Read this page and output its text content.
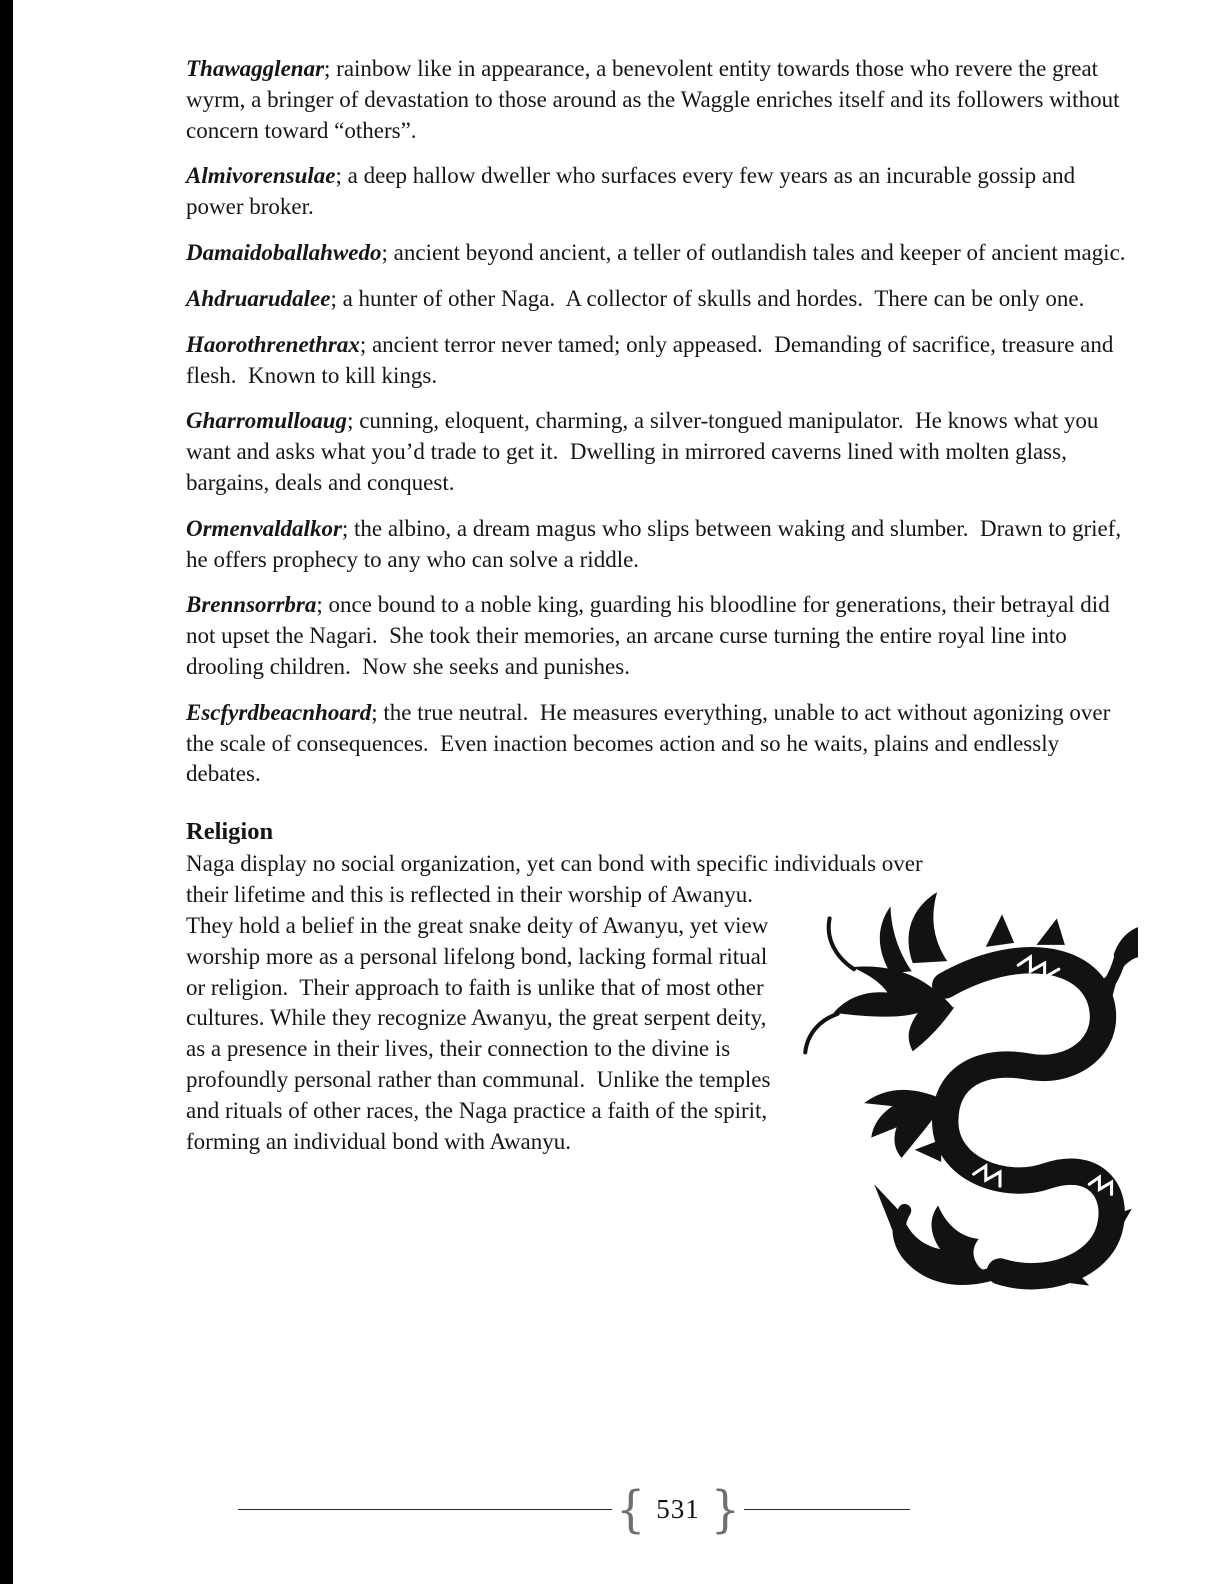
Thawagglenar; rainbow like in appearance, a benevolent entity towards those who revere the great wyrm, a bringer of devastation to those around as the Waggle enriches itself and its followers without concern toward “others”.

Almivorensulae; a deep hallow dweller who surfaces every few years as an incurable gossip and power broker.

Damaidoballahwedo; ancient beyond ancient, a teller of outlandish tales and keeper of ancient magic.

Ahdruarudalee; a hunter of other Naga.  A collector of skulls and hordes.  There can be only one.

Haorothrenethrax; ancient terror never tamed; only appeased.  Demanding of sacrifice, treasure and flesh.  Known to kill kings.

Gharromulloaug; cunning, eloquent, charming, a silver-tongued manipulator.  He knows what you want and asks what you’d trade to get it.  Dwelling in mirrored caverns lined with molten glass, bargains, deals and conquest.

Ormenvaldalkor; the albino, a dream magus who slips between waking and slumber.  Drawn to grief, he offers prophecy to any who can solve a riddle.

Brennsorrbra; once bound to a noble king, guarding his bloodline for generations, their betrayal did not upset the Nagari.  She took their memories, an arcane curse turning the entire royal line into drooling children.  Now she seeks and punishes.

Escfyrdbeacnhoard; the true neutral.  He measures everything, unable to act without agonizing over the scale of consequences.  Even inaction becomes action and so he waits, plains and endlessly debates.

Religion

Naga display no social organization, yet can bond with specific individuals over

their lifetime and this is reflected in their worship of Awanyu.  They hold a belief in the great snake deity of Awanyu, yet view worship more as a personal lifelong bond, lacking formal ritual or religion.  Their approach to faith is unlike that of most other cultures. While they recognize Awanyu, the great serpent deity, as a presence in their lives, their connection to the divine is profoundly personal rather than communal.  Unlike the temples and rituals of other races, the Naga practice a faith of the spirit, forming an individual bond with Awanyu.

{ 531 }
